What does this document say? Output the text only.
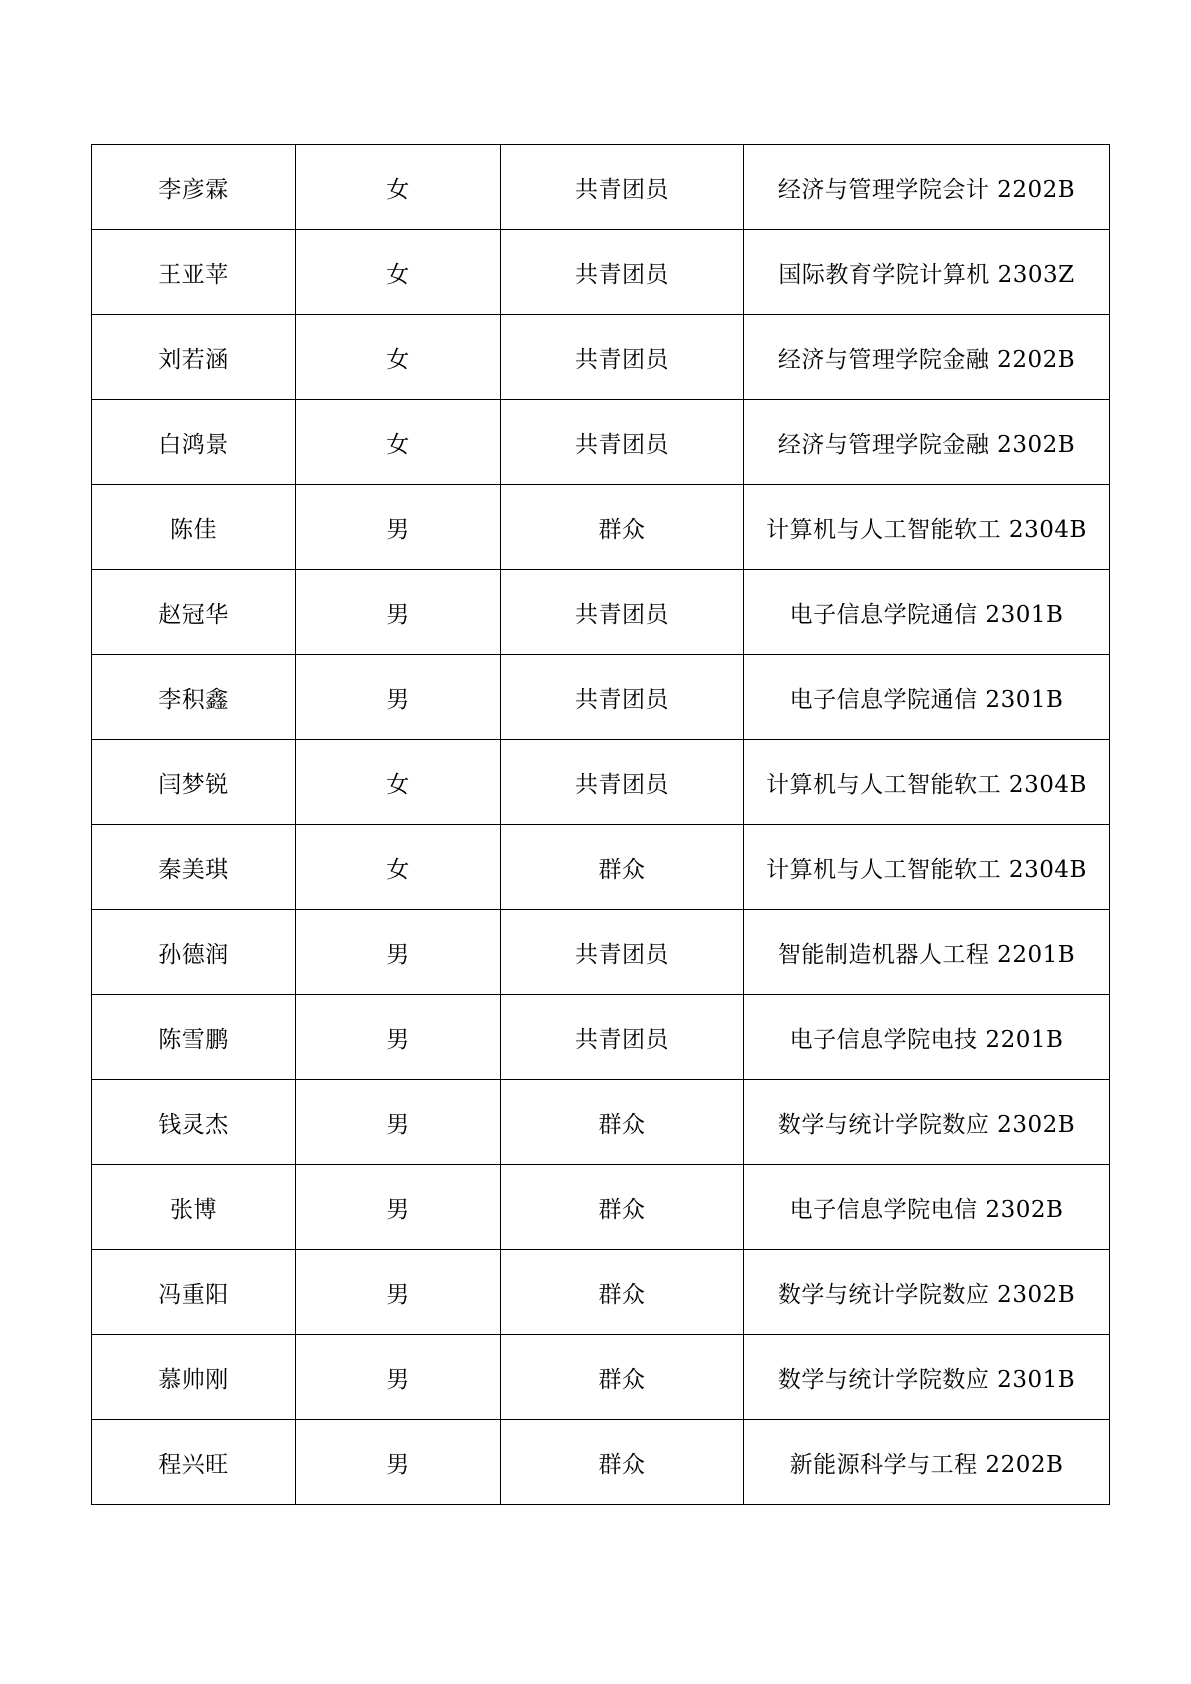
李彦霖	女	共青团员	经济与管理学院会计 2202B
王亚苹	女	共青团员	国际教育学院计算机 2303Z
刘若涵	女	共青团员	经济与管理学院金融 2202B
白鸿景	女	共青团员	经济与管理学院金融 2302B
陈佳	男	群众	计算机与人工智能软工 2304B
赵冠华	男	共青团员	电子信息学院通信 2301B
李积鑫	男	共青团员	电子信息学院通信 2301B
闫梦锐	女	共青团员	计算机与人工智能软工 2304B
秦美琪	女	群众	计算机与人工智能软工 2304B
孙德润	男	共青团员	智能制造机器人工程 2201B
陈雪鹏	男	共青团员	电子信息学院电技 2201B
钱灵杰	男	群众	数学与统计学院数应 2302B
张博	男	群众	电子信息学院电信 2302B
冯重阳	男	群众	数学与统计学院数应 2302B
慕帅刚	男	群众	数学与统计学院数应 2301B
程兴旺	男	群众	新能源科学与工程 2202B
